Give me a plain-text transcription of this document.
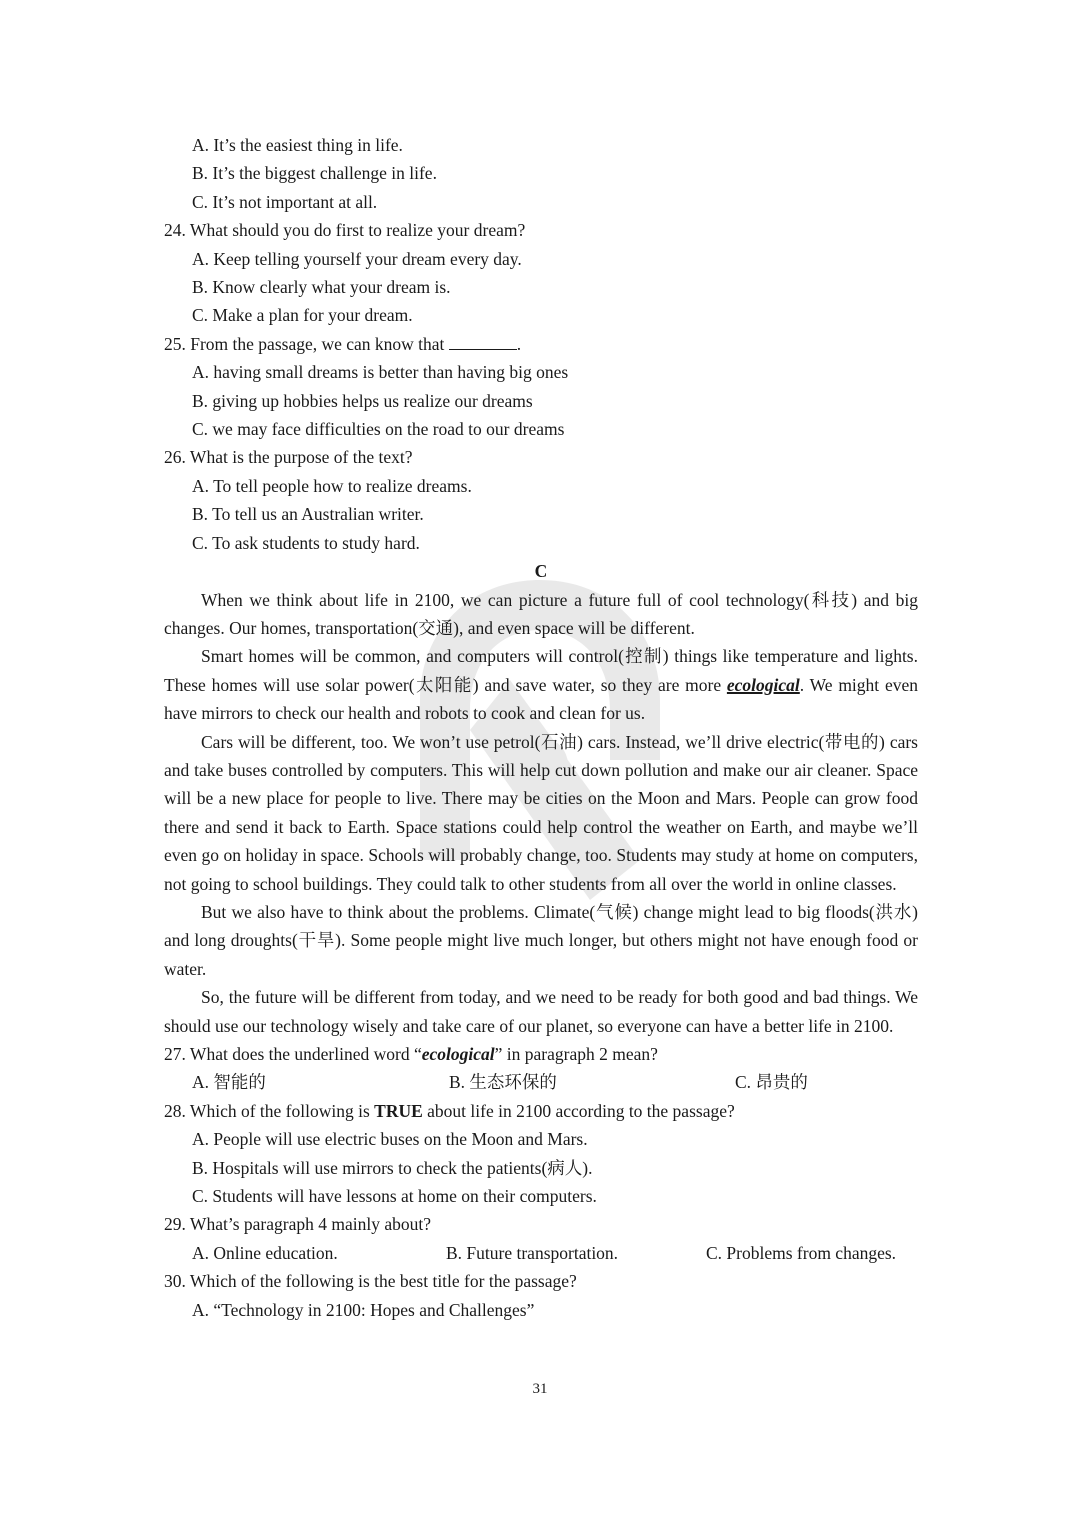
A. It’s the easiest thing in life.
B. It’s the biggest challenge in life.
C. It’s not important at all.
24. What should you do first to realize your dream?
A. Keep telling yourself your dream every day.
B. Know clearly what your dream is.
C. Make a plan for your dream.
25. From the passage, we can know that	.
A. having small dreams is better than having big ones
B. giving up hobbies helps us realize our dreams
C. we may face difficulties on the road to our dreams
26. What is the purpose of the text?
A. To tell people how to realize dreams.
B. To tell us an Australian writer.
C. To ask students to study hard.
C
When we think about life in 2100, we can picture a future full of cool technology(科技) and big changes. Our homes, transportation(交通), and even space will be different.
Smart homes will be common, and computers will control(控制) things like temperature and lights. These homes will use solar power(太阳能) and save water, so they are more ecological. We might even have mirrors to check our health and robots to cook and clean for us.
Cars will be different, too. We won’t use petrol(石油) cars. Instead, we’ll drive electric(带电的) cars and take buses controlled by computers. This will help cut down pollution and make our air cleaner. Space will be a new place for people to live. There may be cities on the Moon and Mars. People can grow food there and send it back to Earth. Space stations could help control the weather on Earth, and maybe we’ll even go on holiday in space. Schools will probably change, too. Students may study at home on computers, not going to school buildings. They could talk to other students from all over the world in online classes.
But we also have to think about the problems. Climate(气候) change might lead to big floods(洪水) and long droughts(干旱). Some people might live much longer, but others might not have enough food or water.
So, the future will be different from today, and we need to be ready for both good and bad things. We should use our technology wisely and take care of our planet, so everyone can have a better life in 2100.
27. What does the underlined word “ecological” in paragraph 2 mean?
A. 智能的	B. 生态环保的	C. 昂贵的
28. Which of the following is TRUE about life in 2100 according to the passage?
A. People will use electric buses on the Moon and Mars.
B. Hospitals will use mirrors to check the patients(病人).
C. Students will have lessons at home on their computers.
29. What’s paragraph 4 mainly about?
A. Online education.	B. Future transportation.	C. Problems from changes.
30. Which of the following is the best title for the passage?
A. “Technology in 2100: Hopes and Challenges”
31
